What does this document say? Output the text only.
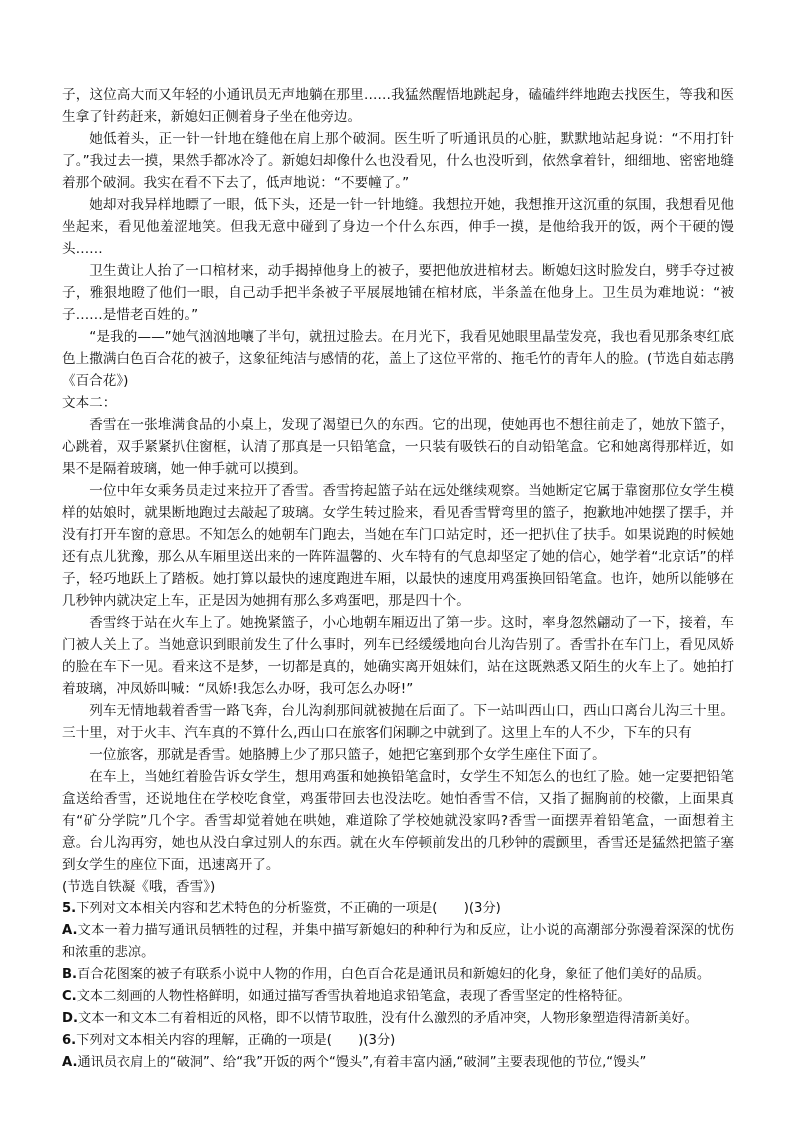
子，这位高大而又年轻的小通讯员无声地躺在那里……我猛然醒悟地跳起身，磕磕绊绊地跑去找医生，等我和医生拿了针药赶来，新媳妇正侧着身子坐在他旁边。

她低着头，正一针一针地在缝他在肩上那个破洞。医生听了听通讯员的心脏，默默地站起身说：“不用打针了。”我过去一摸，果然手都冰冷了。新媳妇却像什么也没看见，什么也没听到，依然拿着针，细细地、密密地缝着那个破洞。我实在看不下去了，低声地说：“不要幢了。”

她却对我异样地瞟了一眼，低下头，还是一针一针地缝。我想拉开她，我想推开这沉重的氛围，我想看见他坐起来，看见他羞涩地笑。但我无意中碰到了身边一个什么东西，伸手一摸，是他给我开的饭，两个干硬的馒头……

卫生黄让人抬了一口棺材来，动手揭掉他身上的被子，要把他放进棺材去。断媳妇这时脸发白，劈手夺过被子，雅狠地瞪了他们一眼，自己动手把半条被子平展展地铺在棺材底，半条盖在他身上。卫生员为难地说：“被子……是惜老百姓的。”

“是我的——”她气汹汹地嚷了半句，就扭过脸去。在月光下，我看见她眼里晶莹发亮，我也看见那条枣红底色上撒满白色百合花的被子，这象征纯洁与感情的花，盖上了这位平常的、拖毛竹的青年人的脸。(节选自茹志鹃《百合花》)

文本二：

香雪在一张堆满食品的小桌上，发现了渴望已久的东西。它的出现，使她再也不想往前走了，她放下篮子，心跳着，双手紧紧扒住窗框，认清了那真是一只铅笔盒，一只装有吸铁石的自动铅笔盒。它和她离得那样近，如果不是隔着玻璃，她一伸手就可以摸到。

一位中年女乘务员走过来拉开了香雪。香雪挎起篮子站在远处继续观察。当她断定它属于靠窗那位女学生模样的姑娘时，就果断地跑过去敲起了玻璃。女学生转过脸来，看见香雪臂弯里的篮子，抱歉地冲她摆了摆手，并没有打开车窗的意思。不知怎么的她朝车门跑去，当她在车门口站定时，还一把扒住了扶手。如果说跑的时候她还有点儿犹豫，那么从车厢里送出来的一阵阵温馨的、火车特有的气息却坚定了她的信心，她学着“北京话”的样子，轻巧地跃上了踏板。她打算以最快的速度跑进车厢，以最快的速度用鸡蛋换回铅笔盒。也许，她所以能够在几秒钟内就决定上车，正是因为她拥有那么多鸡蛋吧，那是四十个。

香雪终于站在火车上了。她挽紧篮子，小心地朝车厢迈出了第一步。这时，率身忽然翩动了一下，接着，车门被人关上了。当她意识到眼前发生了什么事时，列车已经缓缓地向台儿沟告别了。香雪扑在车门上，看见凤娇的脸在车下一见。看来这不是梦，一切都是真的，她确实离开姐妹们，站在这既熟悉又陌生的火车上了。她拍打着玻璃，冲凤娇叫喊：“凤娇!我怎么办呀，我可怎么办呀!”

列车无情地载着香雪一路飞奔，台儿沟刹那间就被抛在后面了。下一站叫西山口，西山口离台儿沟三十里。三十里，对于火丰、汽车真的不算什么,西山口在旅客们闲聊之中就到了。这里上车的人不少，下车的只有

一位旅客，那就是香雪。她胳膊上少了那只篮子，她把它塞到那个女学生座住下面了。

在车上，当她红着脸告诉女学生，想用鸡蛋和她换铅笔盒时，女学生不知怎么的也红了脸。她一定要把铅笔盒送给香雪，还说地住在学校吃食堂，鸡蛋带回去也没法吃。她怕香雪不信，又指了掘胸前的校徽，上面果真有“矿分学院”几个字。香雪却觉着她在哄她，难道除了学校她就没家吗?香雪一面摆弄着铅笔盒，一面想着主意。台儿沟再穷，她也从没白拿过别人的东西。就在火车停顿前发出的几秒钟的震颤里，香雪还是猛然把篮子塞到女学生的座位下面，迅速离开了。

(节选自铁凝《哦，香雪》)

5.下列对文本相关内容和艺术特色的分析鉴赏，不正确的一项是(　　)(3分)

A.文本一着力描写通讯员牺牲的过程，并集中描写新媳妇的种种行为和反应，让小说的高潮部分弥漫着深深的忧伤和浓重的悲凉。

B.百合花图案的被子有联系小说中人物的作用，白色百合花是通讯员和新媳妇的化身，象征了他们美好的品质。

C.文本二刻画的人物性格鲜明，如通过描写香雪执着地追求铅笔盒，表现了香雪坚定的性格特征。

D.文本一和文本二有着相近的风格，即不以情节取胜，没有什么激烈的矛盾冲突，人物形象塑造得清新美好。

6.下列对文本相关内容的理解，正确的一项是(　　)(3分)

A.通讯员衣肩上的“破洞”、给“我”开饭的两个“馒头”,有着丰富内涵,“破洞”主要表现他的节位,“馒头”
